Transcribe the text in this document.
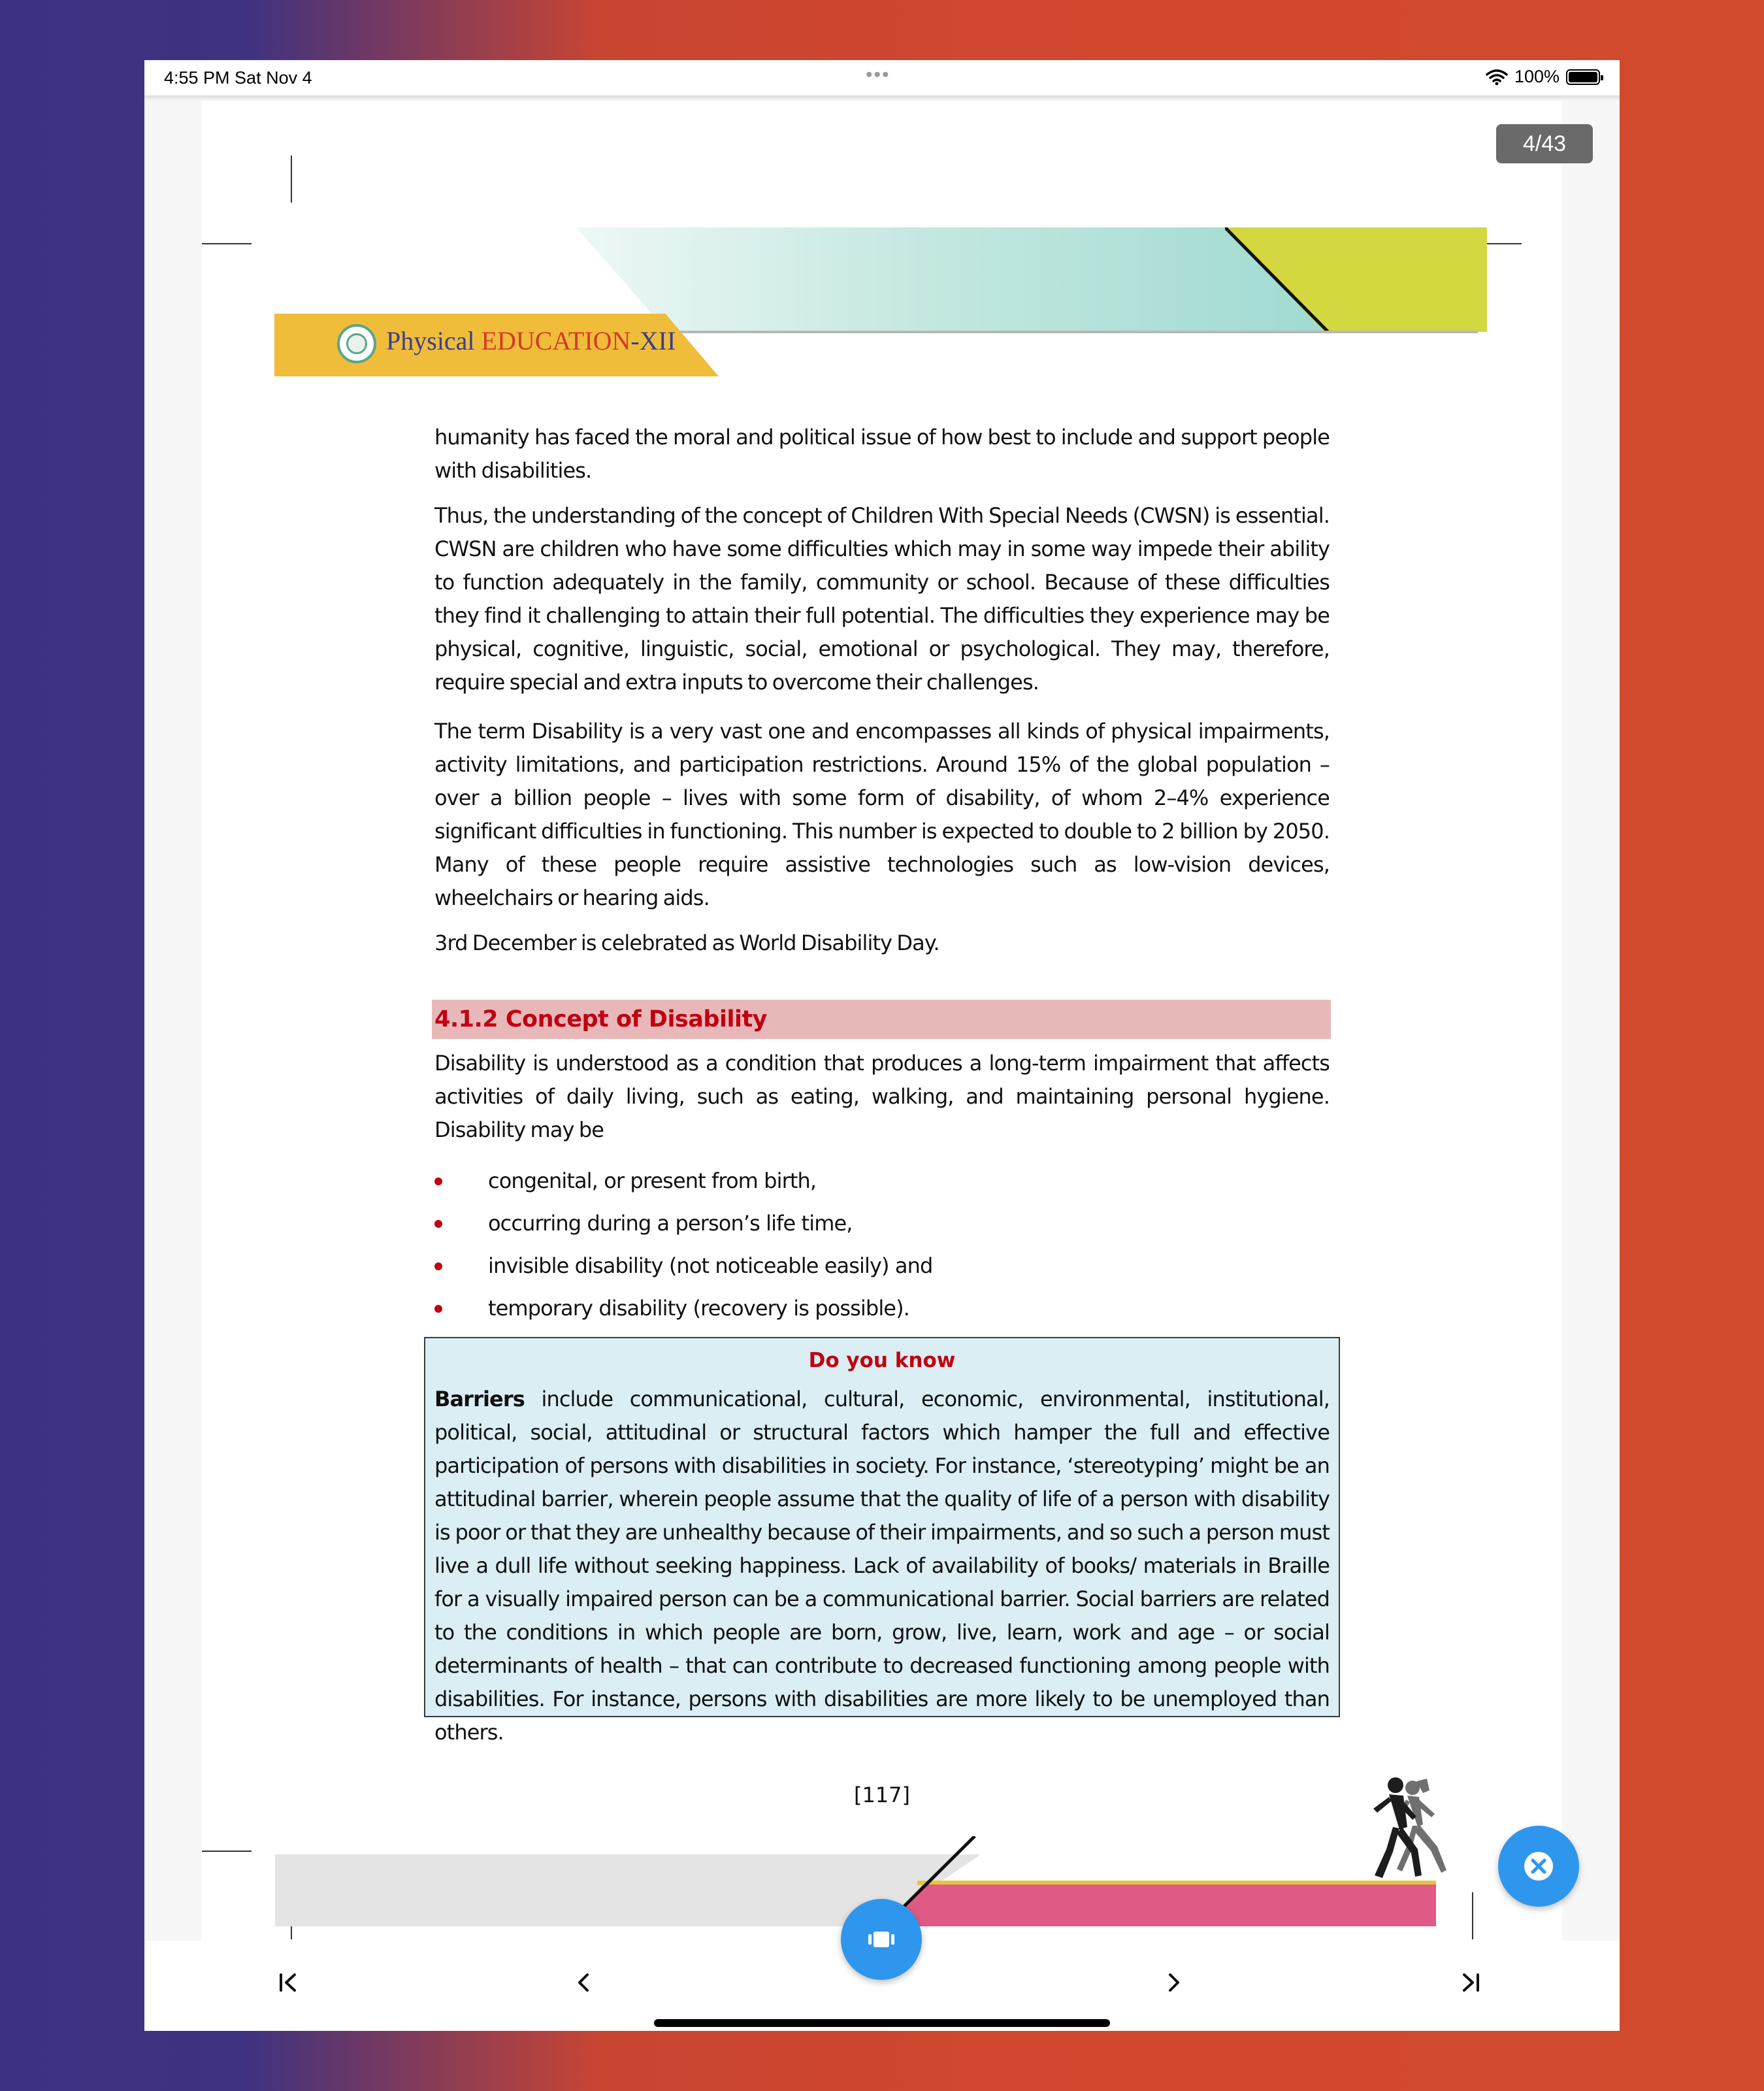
4:55 PM Sat Nov 4	•••	100%
Physical EDUCATION-XII

humanity has faced the moral and political issue of how best to include and support people with disabilities.

Thus, the understanding of the concept of Children With Special Needs (CWSN) is essential. CWSN are children who have some difficulties which may in some way impede their ability to function adequately in the family, community or school. Because of these difficulties they find it challenging to attain their full potential. The difficulties they experience may be physical, cognitive, linguistic, social, emotional or psychological. They may, therefore, require special and extra inputs to overcome their challenges.

The term Disability is a very vast one and encompasses all kinds of physical impairments, activity limitations, and participation restrictions. Around 15% of the global population – over a billion people – lives with some form of disability, of whom 2–4% experience significant difficulties in functioning. This number is expected to double to 2 billion by 2050. Many of these people require assistive technologies such as low-vision devices, wheelchairs or hearing aids.

3rd December is celebrated as World Disability Day.

4.1.2 Concept of Disability

Disability is understood as a condition that produces a long-term impairment that affects activities of daily living, such as eating, walking, and maintaining personal hygiene. Disability may be

congenital, or present from birth,
occurring during a person’s life time,
invisible disability (not noticeable easily) and
temporary disability (recovery is possible).
Do you know

Barriers include communicational, cultural, economic, environmental, institutional, political, social, attitudinal or structural factors which hamper the full and effective participation of persons with disabilities in society. For instance, ‘stereotyping’ might be an attitudinal barrier, wherein people assume that the quality of life of a person with disability is poor or that they are unhealthy because of their impairments, and so such a person must live a dull life without seeking happiness. Lack of availability of books/ materials in Braille for a visually impaired person can be a communicational barrier. Social barriers are related to the conditions in which people are born, grow, live, learn, work and age – or social determinants of health – that can contribute to decreased functioning among people with disabilities. For instance, persons with disabilities are more likely to be unemployed than others.

[117]
4/43
